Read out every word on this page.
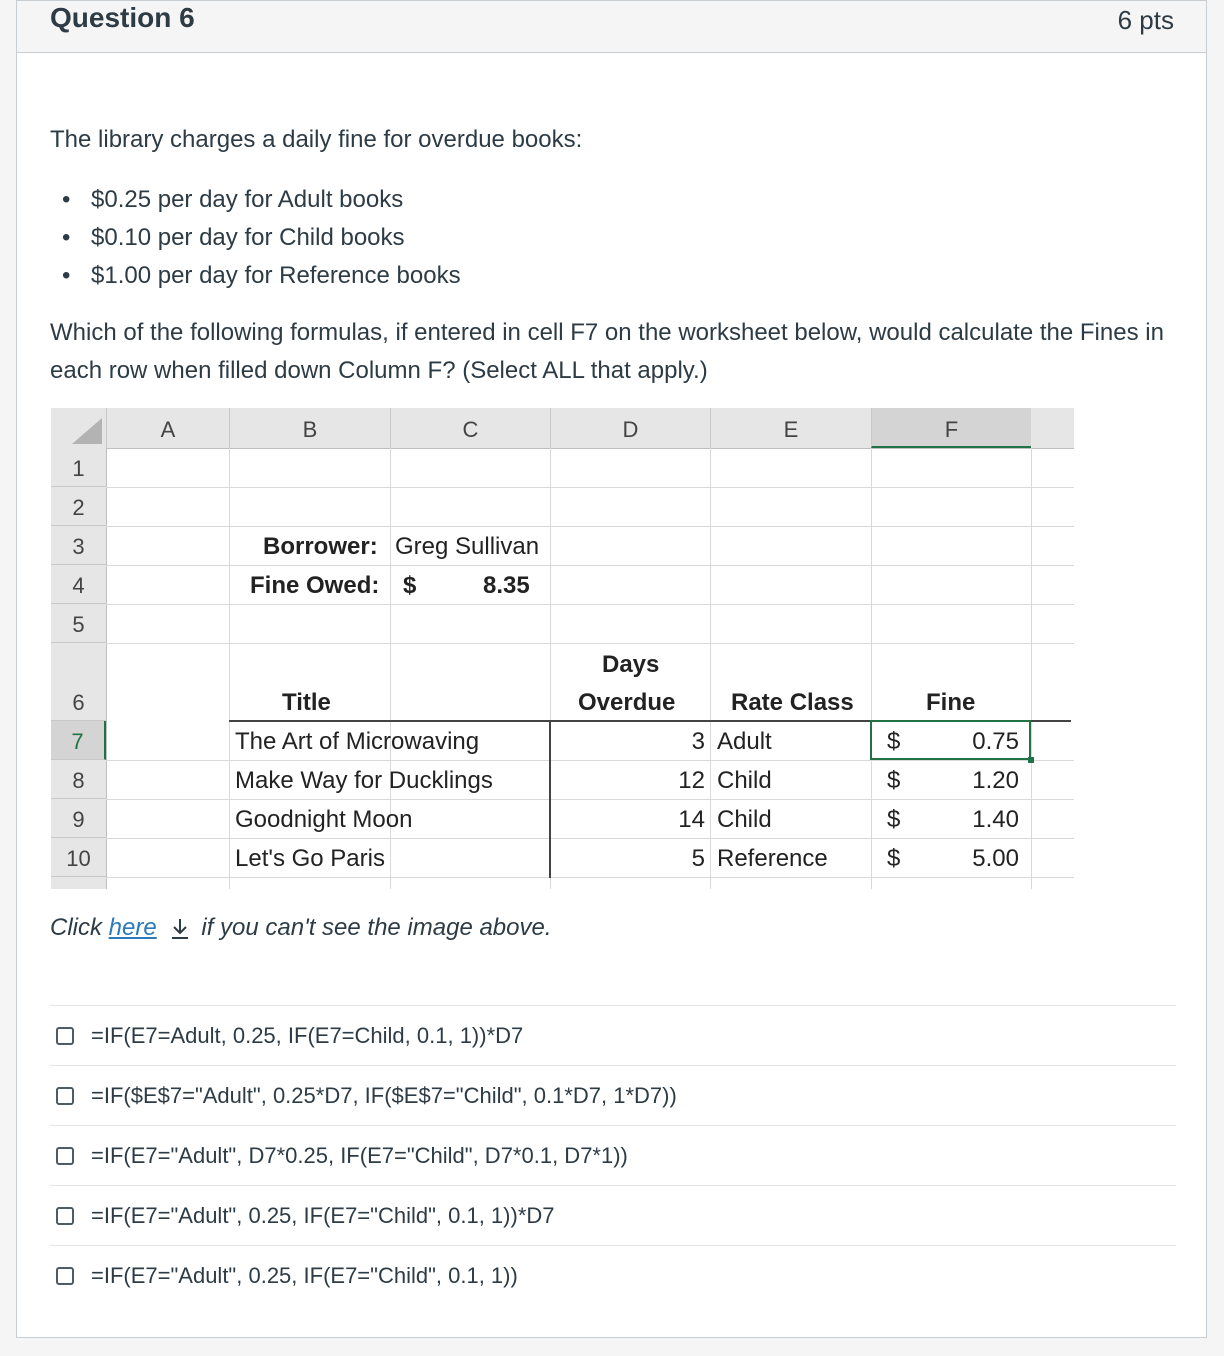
Question 6	6 pts
The library charges a daily fine for overdue books:
• $0.25 per day for Adult books
• $0.10 per day for Child books
• $1.00 per day for Reference books
Which of the following formulas, if entered in cell F7 on the worksheet below, would calculate the Fines in each row when filled down Column F? (Select ALL that apply.)
A	B	C	D	E	F
1
2
3
4
5
6
7
8
9
10
Borrower: Greg Sullivan
Fine Owed: $	8.35
Title
Days
Overdue Rate Class	Fine
The Art of Microwaving	3 Adult	$	0.75
Make Way for Ducklings	12 Child	$	1.20
Goodnight Moon	14 Child	$	1.40
Let's Go Paris	5 Reference $	5.00
Click here if you can't see the image above.
=IF(E7=Adult, 0.25, IF(E7=Child, 0.1, 1))*D7
=IF($E$7="Adult", 0.25*D7, IF($E$7="Child", 0.1*D7, 1*D7))
=IF(E7="Adult", D7*0.25, IF(E7="Child", D7*0.1, D7*1))
=IF(E7="Adult", 0.25, IF(E7="Child", 0.1, 1))*D7
=IF(E7="Adult", 0.25, IF(E7="Child", 0.1, 1))
